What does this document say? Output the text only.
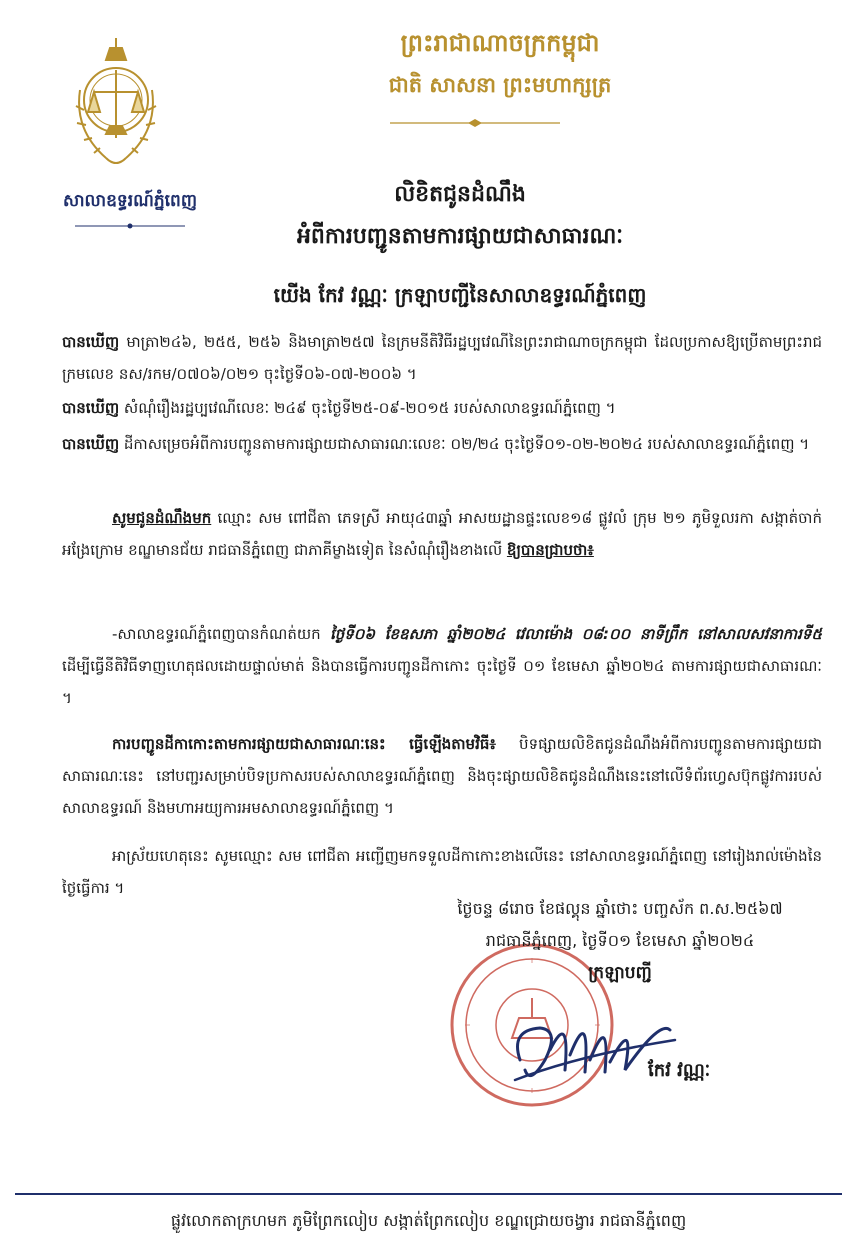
សាលាឧទ្ធរណ៍ភ្នំពេញ
ព្រះរាជាណាចក្រកម្ពុជា
ជាតិ សាសនា ព្រះមហាក្សត្រ
លិខិតជូនដំណឹង
អំពីការបញ្ជូនតាមការផ្សាយជាសាធារណៈ
យើង កែវ វណ្ណៈ ក្រឡាបញ្ជីនៃសាលាឧទ្ធរណ៍ភ្នំពេញ
បានឃើញ មាត្រា២៤៦, ២៥៥, ២៥៦ និងមាត្រា២៥៧ នៃក្រមនីតិវិធីរដ្ឋប្បវេណីនៃព្រះរាជាណាចក្រកម្ពុជា ដែលប្រកាសឱ្យប្រើតាមព្រះរាជក្រមលេខ នស/រកម/០៧០៦/០២១ ចុះថ្ងៃទី០៦-០៧-២០០៦ ។
បានឃើញ សំណុំរឿងរដ្ឋប្បវេណីលេខៈ ២៤៩ ចុះថ្ងៃទី២៥-០៩-២០១៥ របស់សាលាឧទ្ធរណ៍ភ្នំពេញ ។
បានឃើញ ដីកាសម្រេចអំពីការបញ្ជូនតាមការផ្សាយជាសាធារណៈលេខៈ ០២/២៤ ចុះថ្ងៃទី០១-០២-២០២៤ របស់សាលាឧទ្ធរណ៍ភ្នំពេញ ។
សូមជូនដំណឹងមក ឈ្មោះ សម ពៅជីតា ភេទស្រី អាយុ៤៣ឆ្នាំ អាសយដ្ឋានផ្ទះលេខ១៨ ផ្លូវលំ ក្រុម ២១ ភូមិទួលរកា សង្កាត់ចាក់អង្រែក្រោម ខណ្ឌមានជ័យ រាជធានីភ្នំពេញ ជាភាគីម្ខាងទៀត នៃសំណុំរឿងខាងលើ ឱ្យបានជ្រាបថា៖
-សាលាឧទ្ធរណ៍ភ្នំពេញបានកំណត់យក ថ្ងៃទី០៦ ខែឧសភា ឆ្នាំ២០២៤ វេលាម៉ោង ០៨:០០ នាទីព្រឹក នៅសាលសវនាការទី៥ ដើម្បីធ្វើនីតិវិធីទាញហេតុផលដោយផ្ទាល់មាត់ និងបានធ្វើការបញ្ជូនដីកាកោះ ចុះថ្ងៃទី ០១ ខែមេសា ឆ្នាំ២០២៤ តាមការផ្សាយជាសាធារណៈ ។
ការបញ្ជូនដីកាកោះតាមការផ្សាយជាសាធារណៈនេះ ធ្វើឡើងតាមវិធី៖ បិទផ្សាយលិខិតជូនដំណឹងអំពីការបញ្ជូនតាមការផ្សាយជាសាធារណៈនេះ នៅបញ្ជរសម្រាប់បិទប្រកាសរបស់សាលាឧទ្ធរណ៍ភ្នំពេញ និងចុះផ្សាយលិខិតជូនដំណឹងនេះនៅលើទំព័រហ្វេសប៊ុកផ្លូវការរបស់ សាលាឧទ្ធរណ៍ និងមហាអយ្យការអមសាលាឧទ្ធរណ៍ភ្នំពេញ ។
អាស្រ័យហេតុនេះ សូមឈ្មោះ សម ពៅជីតា អញ្ជើញមកទទួលដីកាកោះខាងលើនេះ នៅសាលាឧទ្ធរណ៍ភ្នំពេញ នៅរៀងរាល់ម៉ោងនៃថ្ងៃធ្វើការ ។
ថ្ងៃចន្ទ ៨រោច ខែផល្គុន ឆ្នាំថោះ បញ្ចស័ក ព.ស.២៥៦៧
រាជធានីភ្នំពេញ, ថ្ងៃទី០១ ខែមេសា ឆ្នាំ២០២៤
ក្រឡាបញ្ជី
កែវ វណ្ណៈ
ផ្លូវលោកតាក្រហមក ភូមិព្រែកលៀប សង្កាត់ព្រែកលៀប ខណ្ឌជ្រោយចង្វារ រាជធានីភ្នំពេញ
